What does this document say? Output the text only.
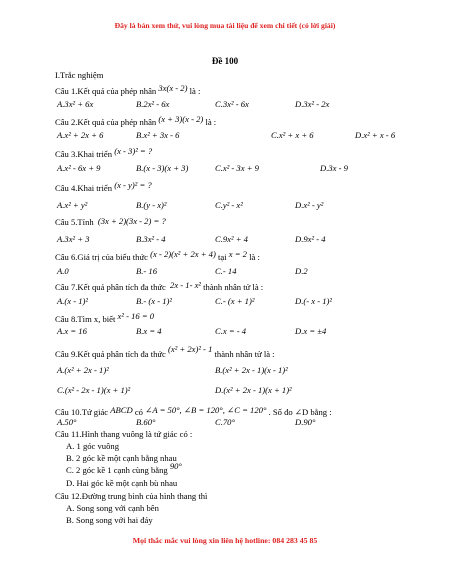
Đây là bản xem thử, vui lòng mua tài liệu để xem chi tiết (có lời giải)
Đề 100
I.Trắc nghiệm
Câu 1.Kết quả của phép nhân 3x(x - 2) là :
A.3x² + 6x	B.2x² - 6x	C.3x² - 6x	D.3x² - 2x
Câu 2.Kết quả của phép nhân (x + 3)(x - 2) là :
A.x² + 2x + 6	B.x² + 3x - 6	C.x² + x + 6	D.x² + x - 6
Câu 3.Khai triển (x - 3)² = ?
A.x² - 6x + 9	B.(x - 3)(x + 3)	C.x² - 3x + 9	D.3x - 9
Câu 4.Khai triển (x - y)² = ?
A.x² + y²	B.(y - x)²	C.y² - x²	D.x² - y²
Câu 5.Tính (3x + 2)(3x - 2) = ?
A.3x² + 3	B.3x² - 4	C.9x² + 4	D.9x² - 4
Câu 6.Giá trị của biểu thức (x - 2)(x² + 2x + 4) tại x = 2 là :
A.0	B.- 16	C.- 14	D.2
Câu 7.Kết quả phân tích đa thức 2x - 1- x² thành nhân tử là :
A.(x - 1)²	B.- (x - 1)²	C.- (x + 1)²	D.(- x - 1)²
Câu 8.Tìm x, biết x² - 16 = 0
A.x = 16	B.x = 4	C.x = - 4	D.x = ±4
Câu 9.Kết quả phân tích đa thức (x² + 2x)² - 1 thành nhân tử là :
A.(x² + 2x - 1)²	B.(x² + 2x - 1)(x - 1)²
C.(x² - 2x - 1)(x + 1)²	D.(x² + 2x - 1)(x + 1)²
Câu 10.Tứ giác ABCD có ∠A = 50°, ∠B = 120°, ∠C = 120° . Số đo ∠D bằng :
A.50°	B.60°	C.70°	D.90°
Câu 11.Hình thang vuông là tứ giác có :
A. 1 góc vuông
B. 2 góc kề một cạnh bằng nhau
C. 2 góc kề 1 cạnh cùng bằng 90°
D. Hai góc kề một cạnh bù nhau
Câu 12.Đường trung bình của hình thang thì
A. Song song với cạnh bên
B. Song song với hai đáy
Mọi thắc mắc vui lòng xin liên hệ hotline: 084 283 45 85
